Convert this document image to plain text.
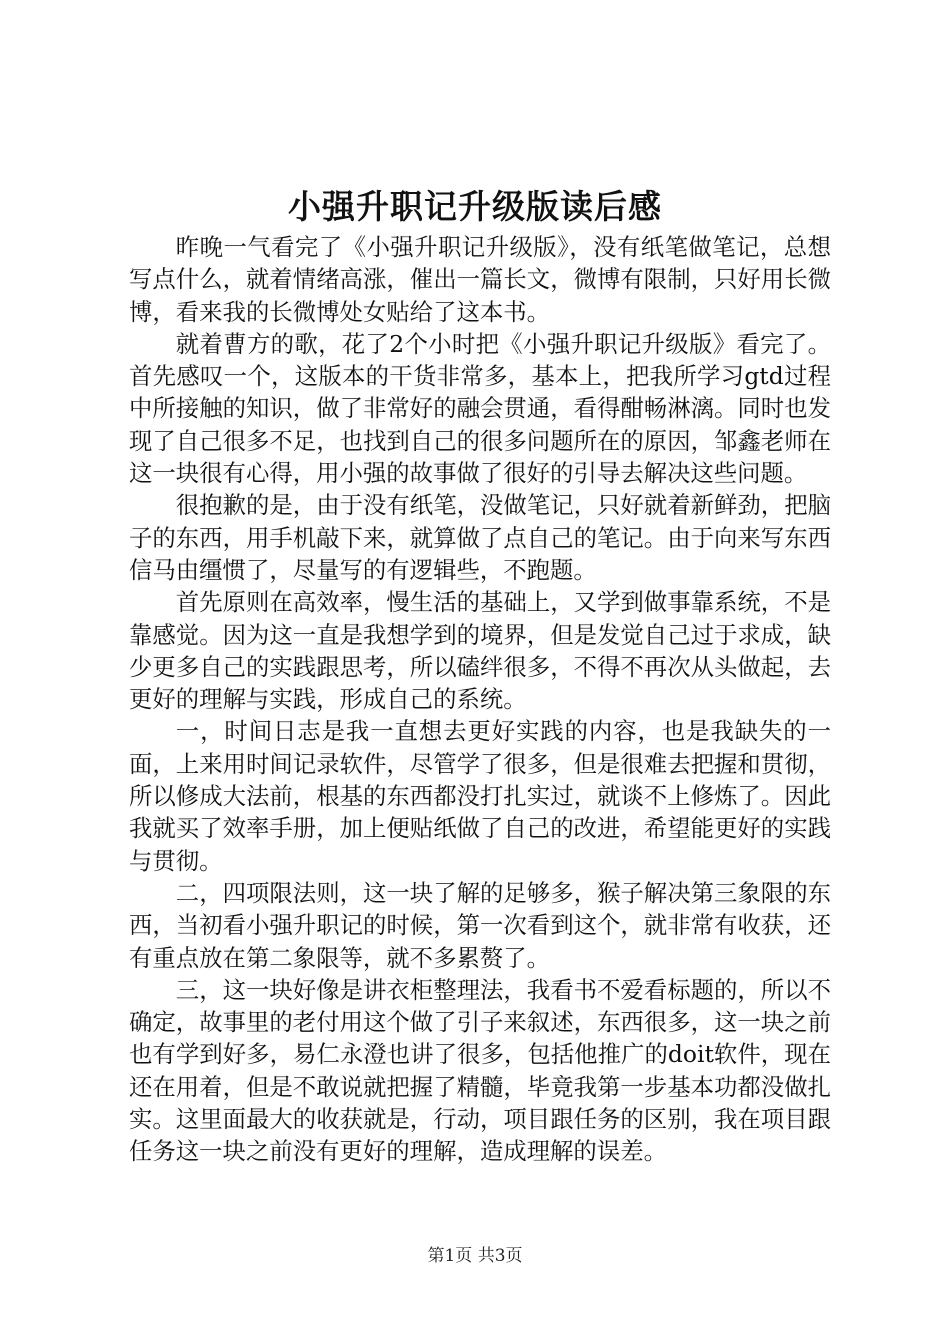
小强升职记升级版读后感

昨晚一气看完了《小强升职记升级版》，没有纸笔做笔记，总想写点什么，就着情绪高涨，催出一篇长文，微博有限制，只好用长微博，看来我的长微博处女贴给了这本书。

就着曹方的歌，花了2个小时把《小强升职记升级版》看完了。首先感叹一个，这版本的干货非常多，基本上，把我所学习gtd过程中所接触的知识，做了非常好的融会贯通，看得酣畅淋漓。同时也发现了自己很多不足，也找到自己的很多问题所在的原因，邹鑫老师在这一块很有心得，用小强的故事做了很好的引导去解决这些问题。

很抱歉的是，由于没有纸笔，没做笔记，只好就着新鲜劲，把脑子的东西，用手机敲下来，就算做了点自己的笔记。由于向来写东西信马由缰惯了，尽量写的有逻辑些，不跑题。

首先原则在高效率，慢生活的基础上，又学到做事靠系统，不是靠感觉。因为这一直是我想学到的境界，但是发觉自己过于求成，缺少更多自己的实践跟思考，所以磕绊很多，不得不再次从头做起，去更好的理解与实践，形成自己的系统。

一，时间日志是我一直想去更好实践的内容，也是我缺失的一面，上来用时间记录软件，尽管学了很多，但是很难去把握和贯彻，所以修成大法前，根基的东西都没打扎实过，就谈不上修炼了。因此我就买了效率手册，加上便贴纸做了自己的改进，希望能更好的实践与贯彻。

二，四项限法则，这一块了解的足够多，猴子解决第三象限的东西，当初看小强升职记的时候，第一次看到这个，就非常有收获，还有重点放在第二象限等，就不多累赘了。

三，这一块好像是讲衣柜整理法，我看书不爱看标题的，所以不确定，故事里的老付用这个做了引子来叙述，东西很多，这一块之前也有学到好多，易仁永澄也讲了很多，包括他推广的doit软件，现在还在用着，但是不敢说就把握了精髓，毕竟我第一步基本功都没做扎实。这里面最大的收获就是，行动，项目跟任务的区别，我在项目跟任务这一块之前没有更好的理解，造成理解的误差。

第1页 共3页
